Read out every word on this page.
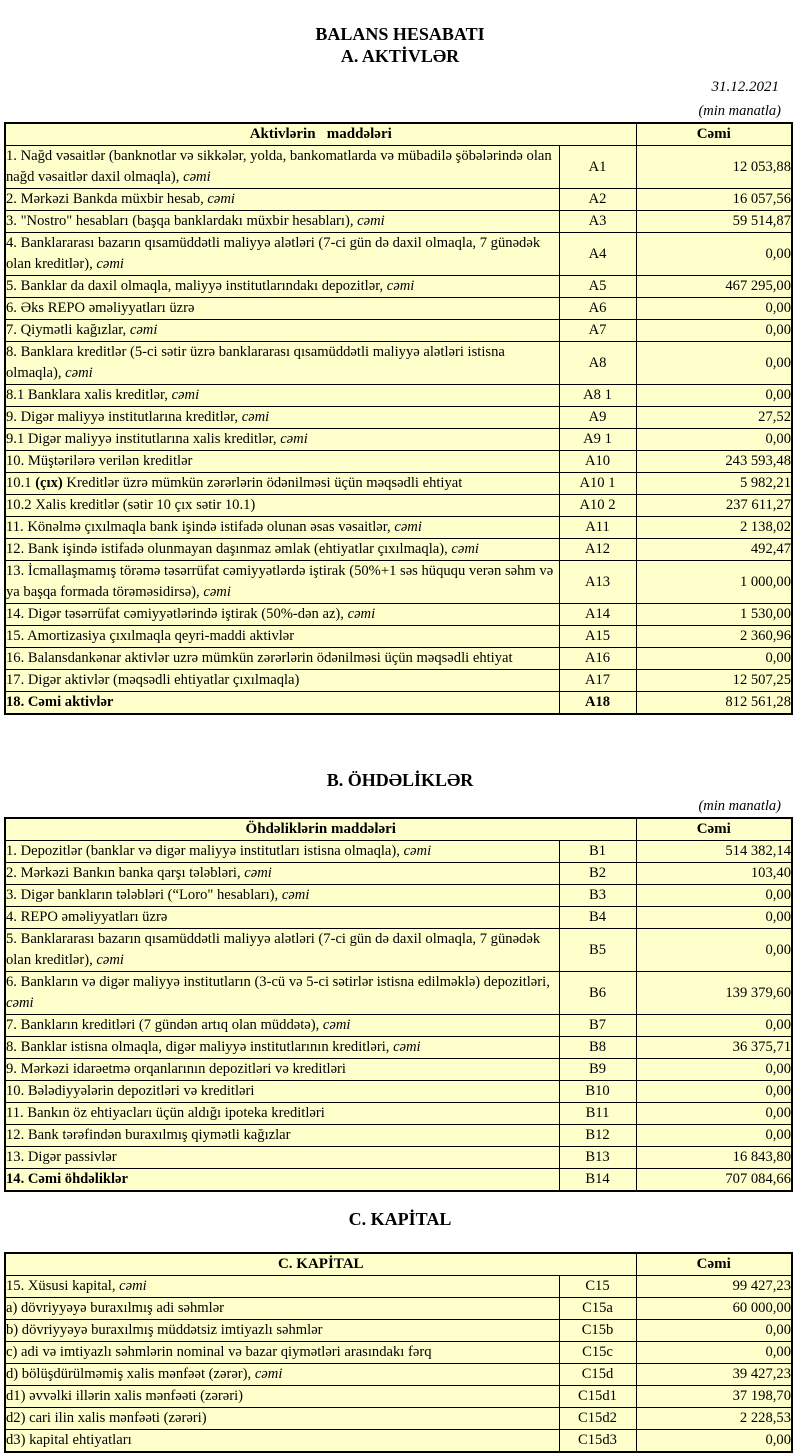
BALANS HESABATI
A. AKTİVLƏR
31.12.2021
(min manatla)
Aktivlərin   maddələri		Cəmi
1. Nağd vəsaitlər (banknotlar və sikkələr, yolda, bankomatlarda və mübadilə şöbələrində olan nağd vəsaitlər daxil olmaqla), cəmi	A1	12 053,88
2. Mərkəzi Bankda müxbir hesab, cəmi	A2	16 057,56
3. "Nostro" hesabları (başqa banklardakı müxbir hesabları), cəmi	A3	59 514,87
4. Banklararası bazarın qısamüddətli maliyyə alətləri (7-ci gün də daxil olmaqla, 7 günədək olan kreditlər), cəmi	A4	0,00
5. Banklar da daxil olmaqla, maliyyə institutlarındakı depozitlər, cəmi	A5	467 295,00
6. Əks REPO əməliyyatları üzrə	A6	0,00
7. Qiymətli kağızlar, cəmi	A7	0,00
8. Banklara kreditlər (5-ci sətir üzrə banklararası qısamüddətli maliyyə alətləri istisna olmaqla), cəmi	A8	0,00
8.1 Banklara xalis kreditlər, cəmi	A8 1	0,00
9. Digər maliyyə institutlarına kreditlər, cəmi	A9	27,52
9.1 Digər maliyyə institutlarına xalis kreditlər, cəmi	A9 1	0,00
10. Müştərilərə verilən kreditlər	A10	243 593,48
10.1 (çıx) Kreditlər üzrə mümkün zərərlərin ödənilməsi üçün məqsədli ehtiyat	A10 1	5 982,21
10.2 Xalis kreditlər (sətir 10 çıx sətir 10.1)	A10 2	237 611,27
11. Könəlmə çıxılmaqla bank işində istifadə olunan əsas vəsaitlər, cəmi	A11	2 138,02
12. Bank işində istifadə olunmayan daşınmaz əmlak (ehtiyatlar çıxılmaqla), cəmi	A12	492,47
13. İcmallaşmamış törəmə təsərrüfat cəmiyyətlərdə iştirak (50%+1 səs hüququ verən səhm və ya başqa formada törəməsidirsə), cəmi	A13	1 000,00
14. Digər təsərrüfat cəmiyyətlərində iştirak (50%-dən az), cəmi	A14	1 530,00
15. Amortizasiya çıxılmaqla qeyri-maddi aktivlər	A15	2 360,96
16. Balansdankənar aktivlər uzrə mümkün zərərlərin ödənilməsi üçün məqsədli ehtiyat	A16	0,00
17. Digər aktivlər (məqsədli ehtiyatlar çıxılmaqla)	A17	12 507,25
18. Cəmi aktivlər	A18	812 561,28
B. ÖHDƏLİKLƏR
(min manatla)
Öhdəliklərin maddələri		Cəmi
1. Depozitlər (banklar və digər maliyyə institutları istisna olmaqla), cəmi	B1	514 382,14
2. Mərkəzi Bankın banka qarşı tələbləri, cəmi	B2	103,40
3. Digər bankların tələbləri (“Loro" hesabları), cəmi	B3	0,00
4. REPO əməliyyatları üzrə	B4	0,00
5. Banklararası bazarın qısamüddətli maliyyə alətləri (7-ci gün də daxil olmaqla, 7 günədək olan kreditlər), cəmi	B5	0,00
6. Bankların və digər maliyyə institutların (3-cü və 5-ci sətirlər istisna edilməklə) depozitləri, cəmi	B6	139 379,60
7. Bankların kreditləri (7 gündən artıq olan müddətə), cəmi	B7	0,00
8. Banklar istisna olmaqla, digər maliyyə institutlarının kreditləri, cəmi	B8	36 375,71
9. Mərkəzi idarəetmə orqanlarının depozitləri və kreditləri	B9	0,00
10. Bələdiyyələrin depozitləri və kreditləri	B10	0,00
11. Bankın öz ehtiyacları üçün aldığı ipoteka kreditləri	B11	0,00
12. Bank tərəfindən buraxılmış qiymətli kağızlar	B12	0,00
13. Digər passivlər	B13	16 843,80
14. Cəmi öhdəliklər	B14	707 084,66
C. KAPİTAL
C. KAPİTAL		Cəmi
15. Xüsusi kapital, cəmi	C15	99 427,23
a) dövriyyəyə buraxılmış adi səhmlər	C15a	60 000,00
b) dövriyyəyə buraxılmış müddətsiz imtiyazlı səhmlər	C15b	0,00
c) adi və imtiyazlı səhmlərin nominal və bazar qiymətləri arasındakı fərq	C15c	0,00
d) bölüşdürülməmiş xalis mənfəət (zərər), cəmi	C15d	39 427,23
d1) əvvəlki illərin xalis mənfəəti (zərəri)	C15d1	37 198,70
d2) cari ilin xalis mənfəəti (zərəri)	C15d2	2 228,53
d3) kapital ehtiyatları	C15d3	0,00
